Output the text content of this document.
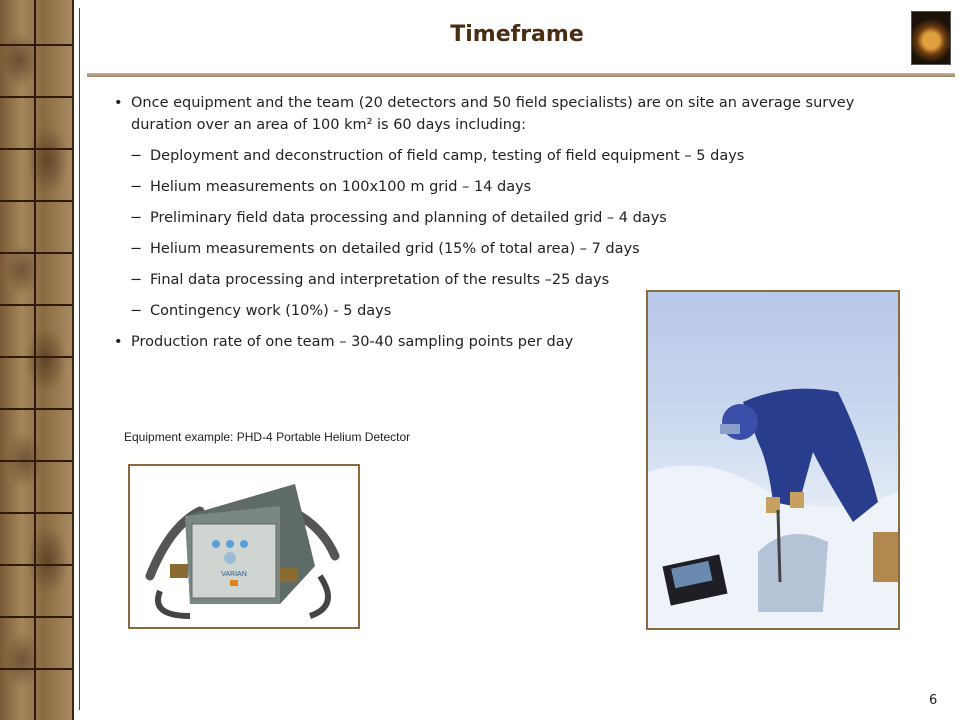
Timeframe

• Once equipment and the team (20 detectors and 50 field specialists) are on site an average survey duration over an area of 100 km² is 60 days including:

− Deployment and deconstruction of field camp, testing of field equipment – 5 days

− Helium measurements on 100x100 m grid – 14 days

− Preliminary field data processing and planning of detailed grid – 4 days

− Helium measurements on detailed grid (15% of total area) – 7 days

− Final data processing and interpretation of the results –25 days

− Contingency work (10%) - 5 days

• Production rate of one team – 30-40 sampling points per day

Equipment example: PHD-4 Portable Helium Detector
VARIAN
6
